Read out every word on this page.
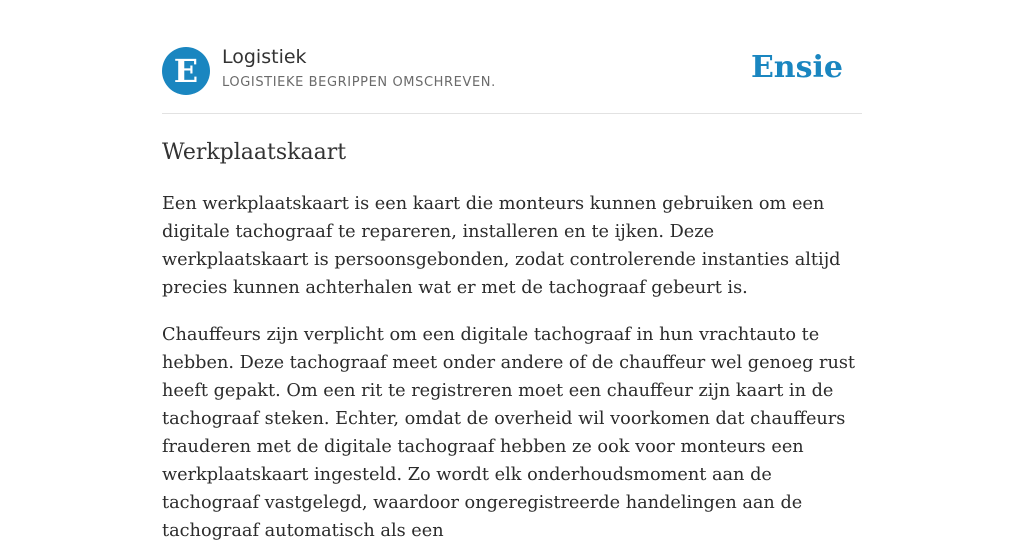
E	Logistiek
LOGISTIEKE BEGRIPPEN OMSCHREVEN.	Ensie
Werkplaatskaart

Een werkplaatskaart is een kaart die monteurs kunnen gebruiken om een digitale tachograaf te repareren, installeren en te ijken. Deze werkplaatskaart is persoonsgebonden, zodat controlerende instanties altijd precies kunnen achterhalen wat er met de tachograaf gebeurt is.

Chauffeurs zijn verplicht om een digitale tachograaf in hun vrachtauto te hebben. Deze tachograaf meet onder andere of de chauffeur wel genoeg rust heeft gepakt. Om een rit te registreren moet een chauffeur zijn kaart in de tachograaf steken. Echter, omdat de overheid wil voorkomen dat chauffeurs frauderen met de digitale tachograaf hebben ze ook voor monteurs een werkplaatskaart ingesteld. Zo wordt elk onderhoudsmoment aan de tachograaf vastgelegd, waardoor ongeregistreerde handelingen aan de tachograaf automatisch als een
